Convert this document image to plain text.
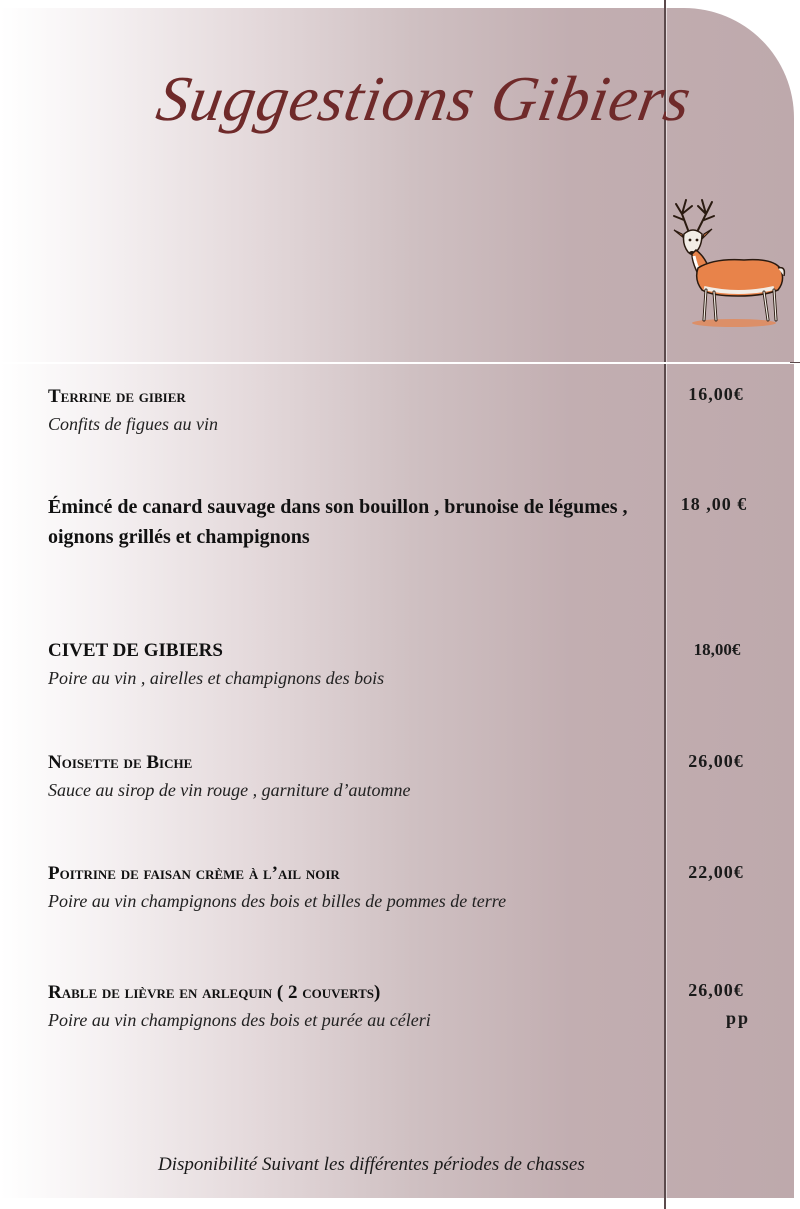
Suggestions Gibiers
Terrine de gibier
Confits de figues au vin
16,00€
Émincé de canard sauvage dans son bouillon , brunoise de légumes , oignons grillés et champignons
18 ,00 €
CIVET DE GIBIERS
Poire au vin , airelles et champignons des bois
18,00€
Noisette de Biche
Sauce au sirop de vin rouge , garniture d’automne
26,00€
Poitrine de faisan crème à l’ail noir
Poire au vin champignons des bois et billes de pommes de terre
22,00€
Rable de lièvre en arlequin ( 2 couverts)
Poire au vin champignons des bois et purée au céleri
26,00€
pp
Disponibilité Suivant les différentes périodes de chasses
